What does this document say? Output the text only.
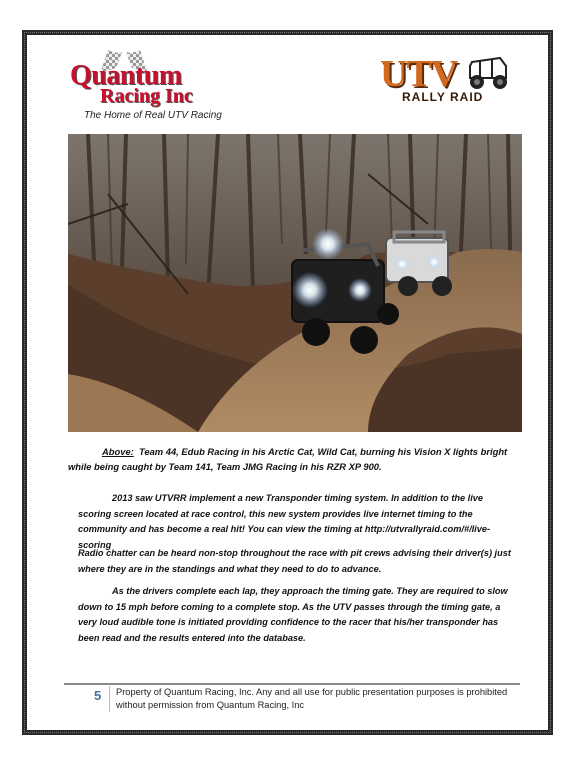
Quantum
Racing Inc
The Home of Real UTV Racing
UTV
RALLY RAID
Above: Team 44, Edub Racing in his Arctic Cat, Wild Cat, burning his Vision X lights bright while being caught by Team 141, Team JMG Racing in his RZR XP 900.
2013 saw UTVRR implement a new Transponder timing system. In addition to the live scoring screen located at race control, this new system provides live internet timing to the community and has become a real hit! You can view the timing at http://utvrallyraid.com/#/live-scoring
Radio chatter can be heard non-stop throughout the race with pit crews advising their driver(s) just where they are in the standings and what they need to do to advance.
As the drivers complete each lap, they approach the timing gate. They are required to slow down to 15 mph before coming to a complete stop. As the UTV passes through the timing gate, a very loud audible tone is initiated providing confidence to the racer that his/her transponder has been read and the results entered into the database.
5 Property of Quantum Racing, Inc. Any and all use for public presentation purposes is prohibited without permission from Quantum Racing, Inc
